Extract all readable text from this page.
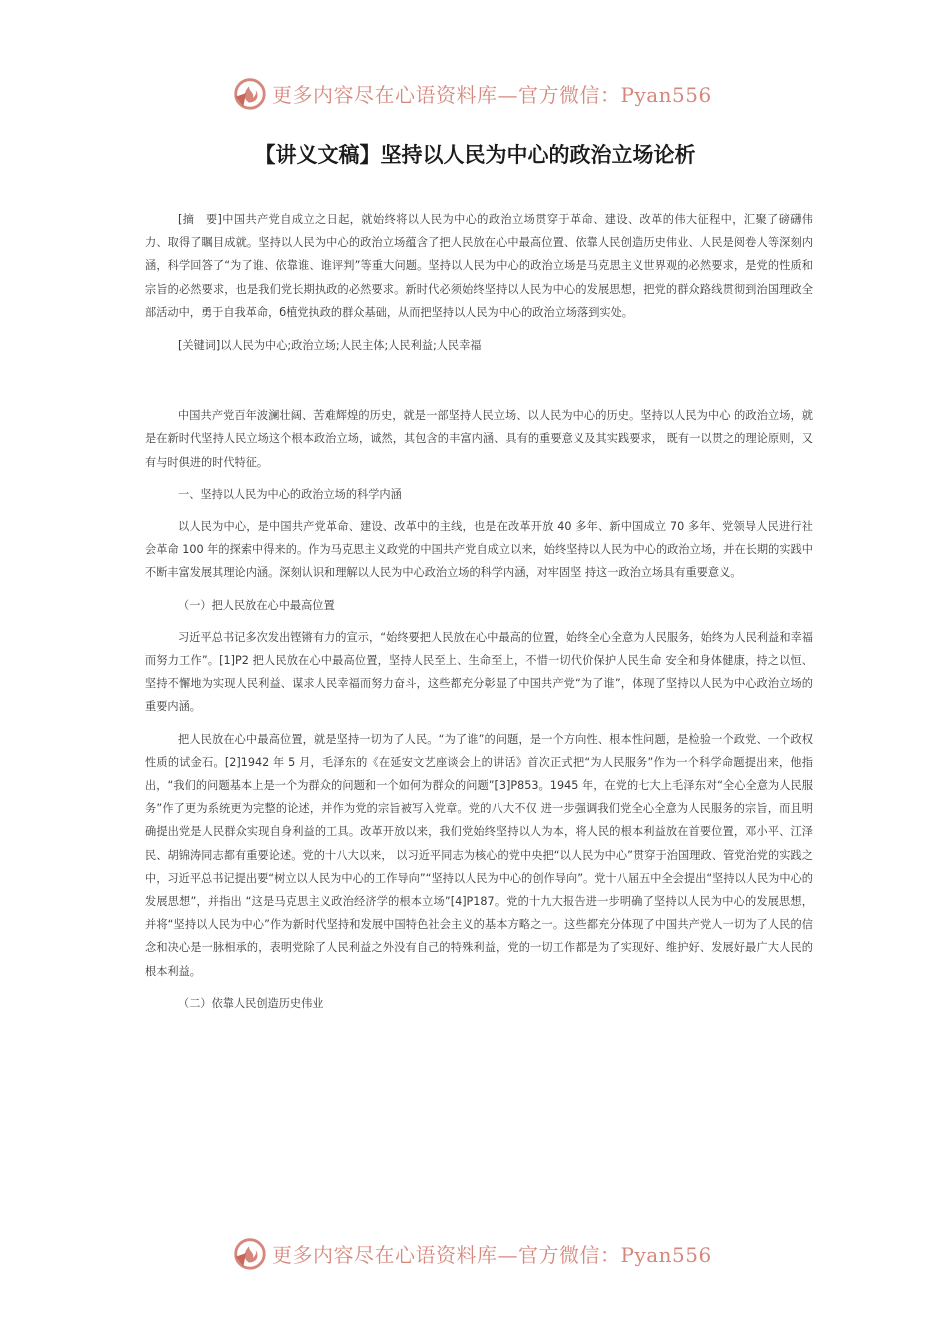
更多内容尽在心语资料库—官方微信：Pyan556
【讲义文稿】坚持以人民为中心的政治立场论析

[摘　要]中国共产党自成立之日起，就始终将以人民为中心的政治立场贯穿于革命、建设、改革的伟大征程中，汇聚了磅礴伟力、取得了瞩目成就。坚持以人民为中心的政治立场蕴含了把人民放在心中最高位置、依靠人民创造历史伟业、人民是阅卷人等深刻内涵，科学回答了“为了谁、依靠谁、谁评判”等重大问题。坚持以人民为中心的政治立场是马克思主义世界观的必然要求，是党的性质和宗旨的必然要求，也是我们党长期执政的必然要求。新时代必须始终坚持以人民为中心的发展思想，把党的群众路线贯彻到治国理政全部活动中，勇于自我革命，б植党执政的群众基础，从而把坚持以人民为中心的政治立场落到实处。

[关键词]以人民为中心;政治立场;人民主体;人民利益;人民幸福

中国共产党百年波澜壮阔、苦难辉煌的历史，就是一部坚持人民立场、以人民为中心的历史。坚持以人民为中心 的政治立场，就是在新时代坚持人民立场这个根本政治立场，诚然，其包含的丰富内涵、具有的重要意义及其实践要求， 既有一以贯之的理论原则，又有与时俱进的时代特征。

一、坚持以人民为中心的政治立场的科学内涵

以人民为中心，是中国共产党革命、建设、改革中的主线，也是在改革开放 40 多年、新中国成立 70 多年、党领导人民进行社会革命 100 年的探索中得来的。作为马克思主义政党的中国共产党自成立以来，始终坚持以人民为中心的政治立场，并在长期的实践中不断丰富发展其理论内涵。深刻认识和理解以人民为中心政治立场的科学内涵，对牢固坚 持这一政治立场具有重要意义。

（一）把人民放在心中最高位置

习近平总书记多次发出铿锵有力的宣示，“始终要把人民放在心中最高的位置，始终全心全意为人民服务，始终为人民利益和幸福而努力工作”。[1]P2 把人民放在心中最高位置，坚持人民至上、生命至上，不惜一切代价保护人民生命 安全和身体健康，持之以恒、坚持不懈地为实现人民利益、谋求人民幸福而努力奋斗，这些都充分彰显了中国共产党“为了谁”，体现了坚持以人民为中心政治立场的重要内涵。

把人民放在心中最高位置，就是坚持一切为了人民。“为了谁”的问题，是一个方向性、根本性问题，是检验一个政党、一个政权性质的试金石。[2]1942 年 5 月，毛泽东的《在延安文艺座谈会上的讲话》首次正式把“为人民服务”作为一个科学命题提出来，他指出，“我们的问题基本上是一个为群众的问题和一个如何为群众的问题”[3]P853。1945 年，在党的七大上毛泽东对“全心全意为人民服务”作了更为系统更为完整的论述，并作为党的宗旨被写入党章。党的八大不仅 进一步强调我们党全心全意为人民服务的宗旨，而且明确提出党是人民群众实现自身利益的工具。改革开放以来，我们党始终坚持以人为本，将人民的根本利益放在首要位置，邓小平、江泽民、胡锦涛同志都有重要论述。党的十八大以来， 以习近平同志为核心的党中央把“以人民为中心”贯穿于治国理政、管党治党的实践之中，习近平总书记提出要“树立以人民为中心的工作导向”“坚持以人民为中心的创作导向”。党十八届五中全会提出“坚持以人民为中心的发展思想”，并指出 “这是马克思主义政治经济学的根本立场”[4]P187。党的十九大报告进一步明确了坚持以人民为中心的发展思想，并将“坚持以人民为中心”作为新时代坚持和发展中国特色社会主义的基本方略之一。这些都充分体现了中国共产党人一切为了人民的信念和决心是一脉相承的，表明党除了人民利益之外没有自己的特殊利益，党的一切工作都是为了实现好、维护好、发展好最广大人民的根本利益。

（二）依靠人民创造历史伟业

更多内容尽在心语资料库—官方微信：Pyan556
